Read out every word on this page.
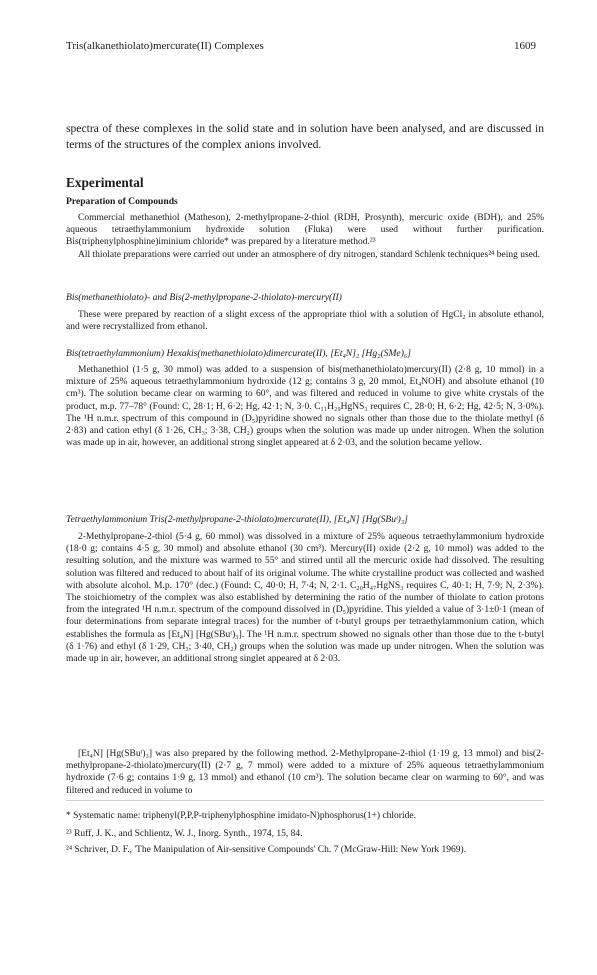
Tris(alkanethiolato)mercurate(II) Complexes	1609

spectra of these complexes in the solid state and in solution have been analysed, and are discussed in terms of the structures of the complex anions involved.

Experimental
Preparation of Compounds

Commercial methanethiol (Matheson), 2-methylpropane-2-thiol (RDH, Prosynth), mercuric oxide (BDH), and 25% aqueous tetraethylammonium hydroxide solution (Fluka) were used without further purification. Bis(triphenylphosphine)iminium chloride* was prepared by a literature method.²³

All thiolate preparations were carried out under an atmosphere of dry nitrogen, standard Schlenk techniques²⁴ being used.

Bis(methanethiolato)- and Bis(2-methylpropane-2-thiolato)-mercury(II)

These were prepared by reaction of a slight excess of the appropriate thiol with a solution of HgCl₂ in absolute ethanol, and were recrystallized from ethanol.

Bis(tetraethylammonium) Hexakis(methanethiolato)dimercurate(II), [Et₄N]₂ [Hg₂(SMe)₆]

Methanethiol (1·5 g, 30 mmol) was added to a suspension of bis(methanethiolato)mercury(II) (2·8 g, 10 mmol) in a mixture of 25% aqueous tetraethylammonium hydroxide (12 g; contains 3 g, 20 mmol, Et₄NOH) and absolute ethanol (10 cm³). The solution became clear on warming to 60°, and was filtered and reduced in volume to give white crystals of the product, m.p. 77–78° (Found: C, 28·1; H, 6·2; Hg, 42·1; N, 3·0. C₁₁H₂₉HgNS₃ requires C, 28·0; H, 6·2; Hg, 42·5; N, 3·0%). The ¹H n.m.r. spectrum of this compound in (D₅)pyridine showed no signals other than those due to the thiolate methyl (δ 2·83) and cation ethyl (δ 1·26, CH₃; 3·38, CH₂) groups when the solution was made up under nitrogen. When the solution was made up in air, however, an additional strong singlet appeared at δ 2·03, and the solution became yellow.

Tetraethylammonium Tris(2-methylpropane-2-thiolato)mercurate(II), [Et₄N] [Hg(SBuᵗ)₃]

2-Methylpropane-2-thiol (5·4 g, 60 mmol) was dissolved in a mixture of 25% aqueous tetraethylammonium hydroxide (18·0 g; contains 4·5 g, 30 mmol) and absolute ethanol (30 cm³). Mercury(II) oxide (2·2 g, 10 mmol) was added to the resulting solution, and the mixture was warmed to 55° and stirred until all the mercuric oxide had dissolved. The resulting solution was filtered and reduced to about half of its original volume. The white crystalline product was collected and washed with absolute alcohol. M.p. 170° (dec.) (Found: C, 40·0; H, 7·4; N, 2·1. C₂₀H₄₇HgNS₃ requires C, 40·1; H, 7·9; N, 2·3%). The stoichiometry of the complex was also established by determining the ratio of the number of thiolate to cation protons from the integrated ¹H n.m.r. spectrum of the compound dissolved in (D₅)pyridine. This yielded a value of 3·1±0·1 (mean of four determinations from separate integral traces) for the number of t-butyl groups per tetraethylammonium cation, which establishes the formula as [Et₄N] [Hg(SBuᵗ)₃]. The ¹H n.m.r. spectrum showed no signals other than those due to the t-butyl (δ 1·76) and ethyl (δ 1·29, CH₃; 3·40, CH₂) groups when the solution was made up under nitrogen. When the solution was made up in air, however, an additional strong singlet appeared at δ 2·03.

[Et₄N] [Hg(SBuᵗ)₃] was also prepared by the following method. 2-Methylpropane-2-thiol (1·19 g, 13 mmol) and bis(2-methylpropane-2-thiolato)mercury(II) (2·7 g, 7 mmol) were added to a mixture of 25% aqueous tetraethylammonium hydroxide (7·6 g; contains 1·9 g, 13 mmol) and ethanol (10 cm³). The solution became clear on warming to 60°, and was filtered and reduced in volume to

* Systematic name: triphenyl(P,P,P-triphenylphosphine imidato-N)phosphorus(1+) chloride.

²³ Ruff, J. K., and Schlientz, W. J., Inorg. Synth., 1974, 15, 84.

²⁴ Schriver, D. F., 'The Manipulation of Air-sensitive Compounds' Ch. 7 (McGraw-Hill: New York 1969).
